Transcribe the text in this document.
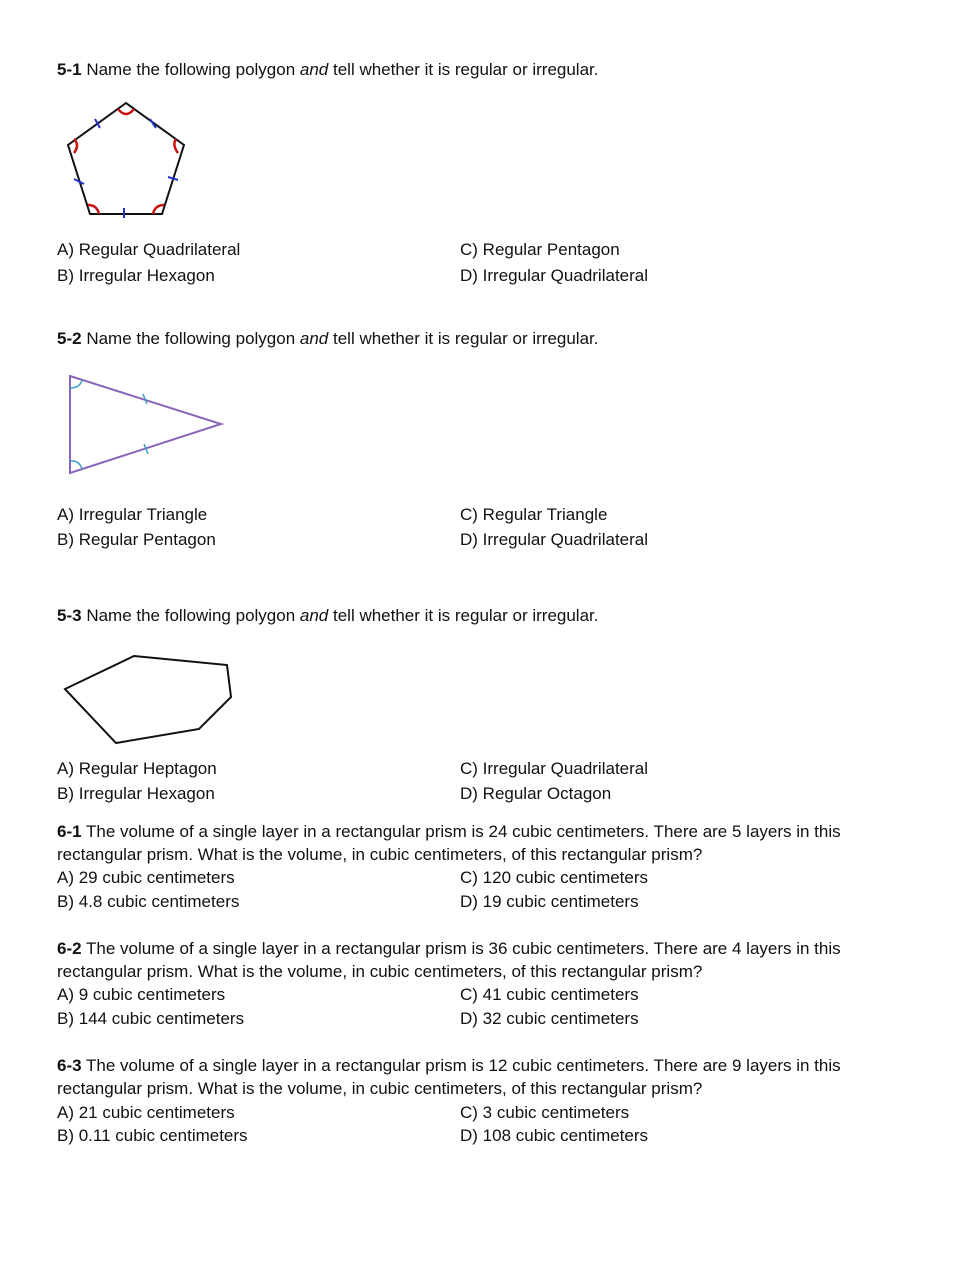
5-1 Name the following polygon and tell whether it is regular or irregular.
A) Regular Quadrilateral
B) Irregular Hexagon
C) Regular Pentagon
D) Irregular Quadrilateral
5-2 Name the following polygon and tell whether it is regular or irregular.
A) Irregular Triangle
B) Regular Pentagon
C) Regular Triangle
D) Irregular Quadrilateral
5-3 Name the following polygon and tell whether it is regular or irregular.
A) Regular Heptagon
B) Irregular Hexagon
C) Irregular Quadrilateral
D) Regular Octagon
6-1 The volume of a single layer in a rectangular prism is 24 cubic centimeters. There are 5 layers in this
rectangular prism. What is the volume, in cubic centimeters, of this rectangular prism?
A) 29 cubic centimeters
B) 4.8 cubic centimeters
C) 120 cubic centimeters
D) 19 cubic centimeters
6-2 The volume of a single layer in a rectangular prism is 36 cubic centimeters. There are 4 layers in this
rectangular prism. What is the volume, in cubic centimeters, of this rectangular prism?
A) 9 cubic centimeters
B) 144 cubic centimeters
C) 41 cubic centimeters
D) 32 cubic centimeters
6-3 The volume of a single layer in a rectangular prism is 12 cubic centimeters. There are 9 layers in this
rectangular prism. What is the volume, in cubic centimeters, of this rectangular prism?
A) 21 cubic centimeters
B) 0.11 cubic centimeters
C) 3 cubic centimeters
D) 108 cubic centimeters
